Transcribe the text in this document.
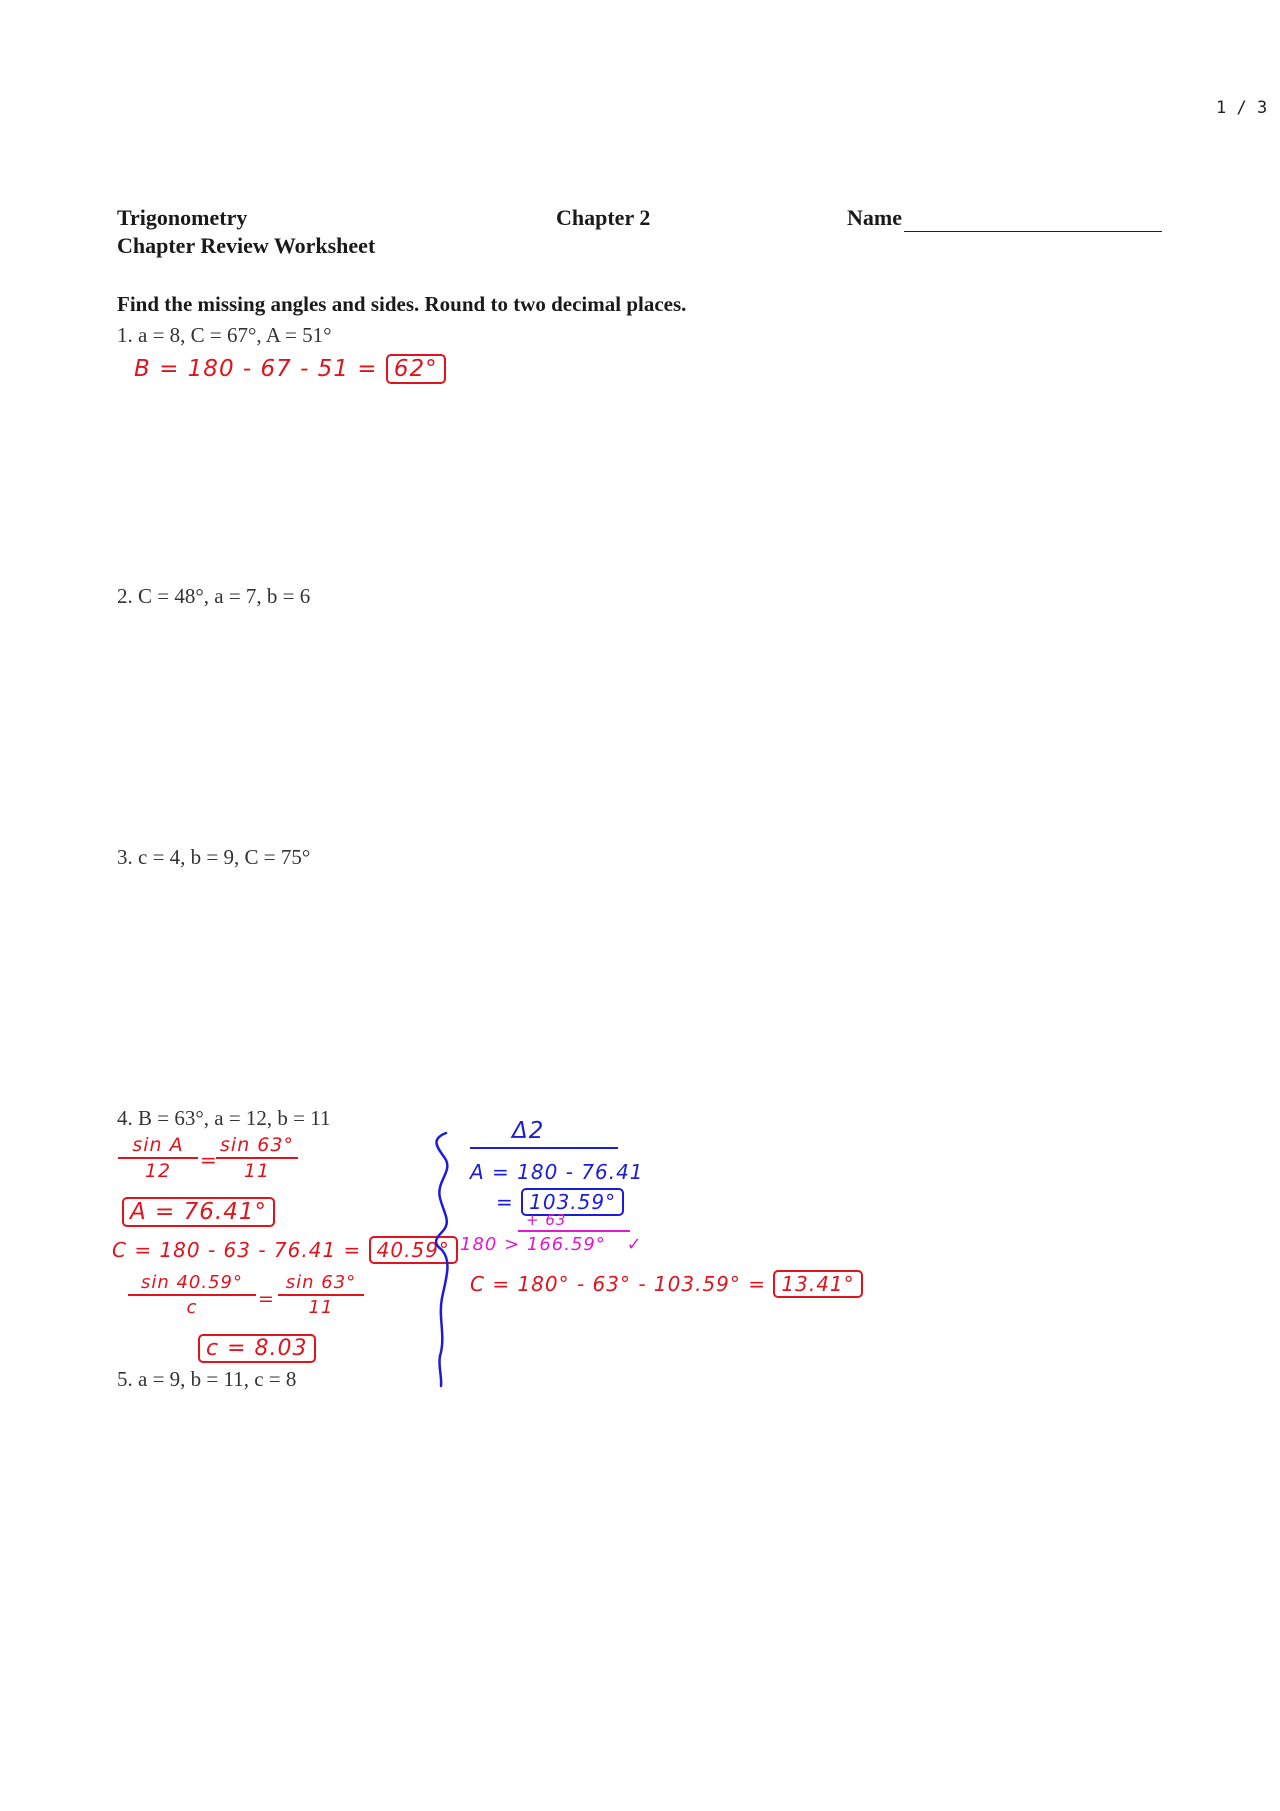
1 / 3
Trigonometry
Chapter Review Worksheet
Chapter 2	Name
Find the missing angles and sides. Round to two decimal places.
1. a = 8, C = 67°, A = 51°
2. C = 48°, a = 7, b = 6
3. c = 4, b = 9, C = 75°
4. B = 63°, a = 12, b = 11
5. a = 9, b = 11, c = 8
B = 180 - 67 - 51 = 62°
sin A
12	=
sin 63°
11
A = 76.41°
C = 180 - 63 - 76.41 = 40.59°
sin 40.59°
c	=
sin 63°
11
c = 8.03
Δ2
A = 180 - 76.41
= 103.59°
+ 63
180 > 166.59° ✓
C = 180° - 63° - 103.59° = 13.41°
